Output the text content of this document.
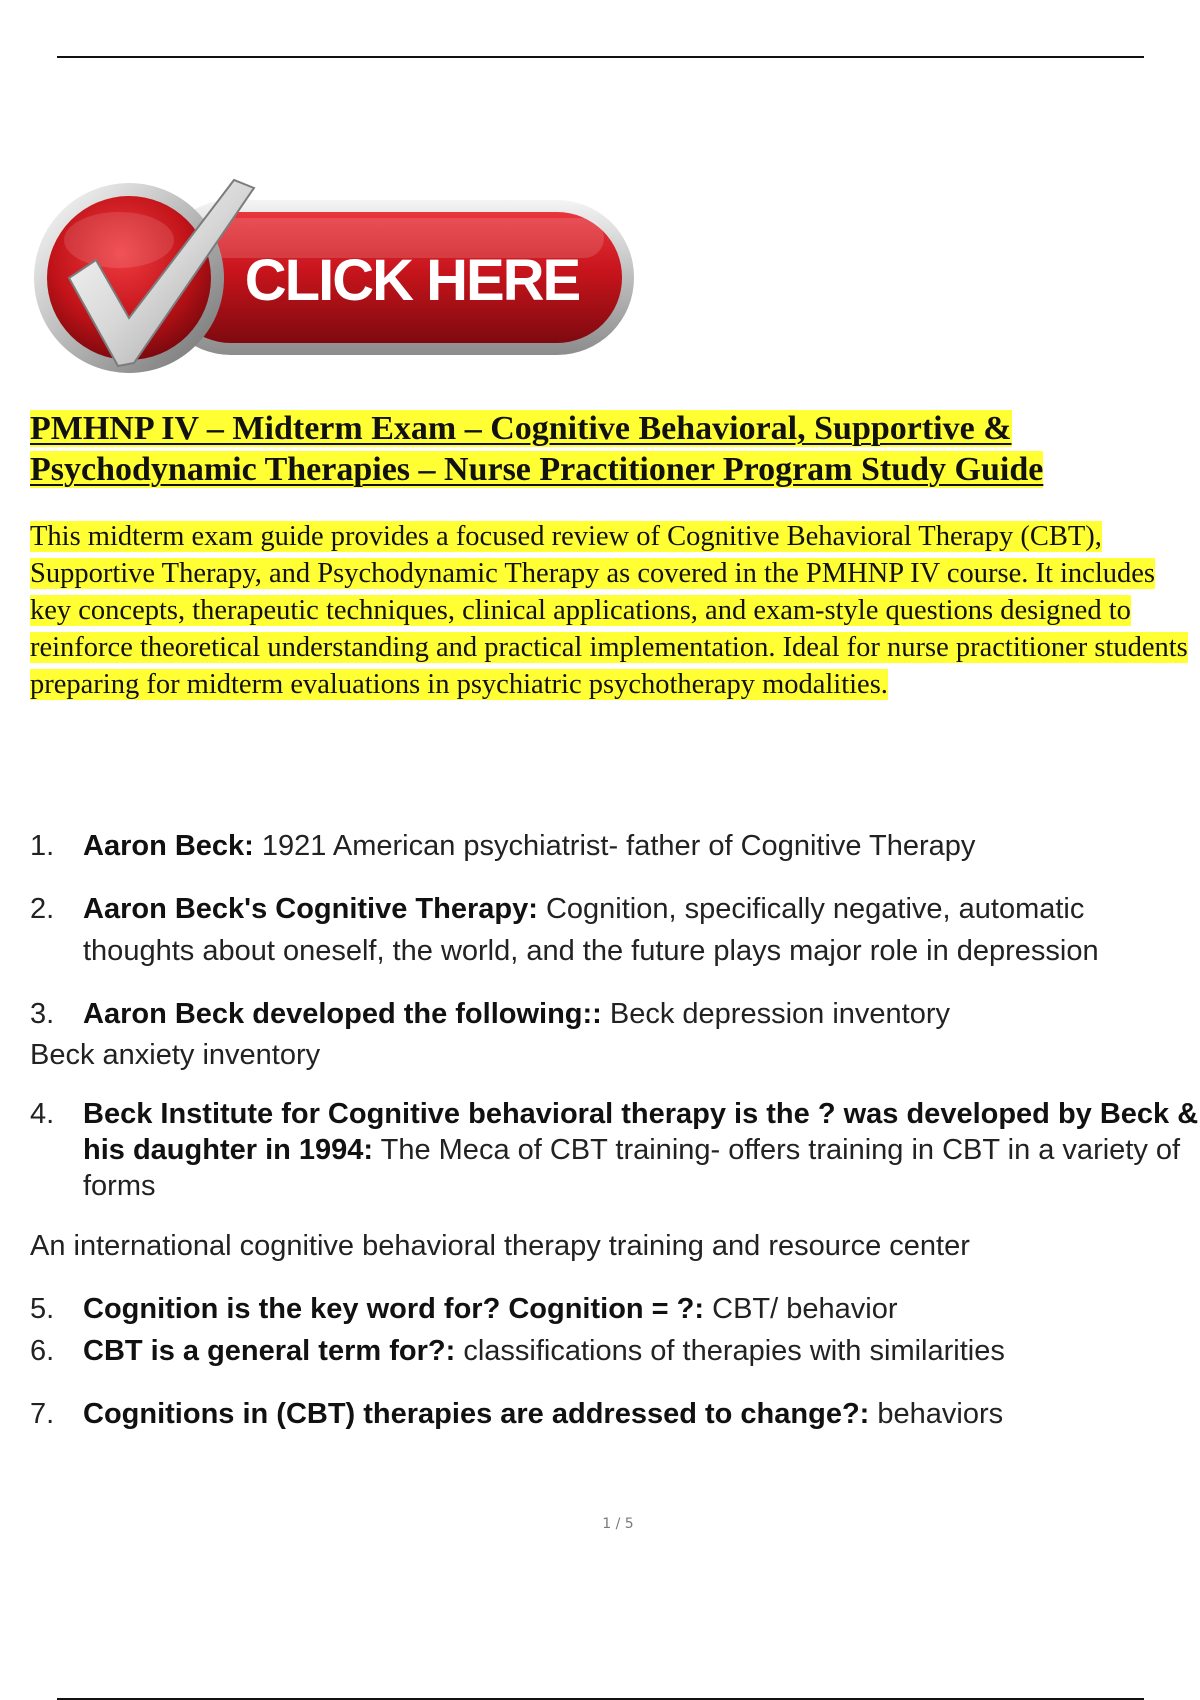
CLICK HERE
PMHNP IV – Midterm Exam – Cognitive Behavioral, Supportive &
Psychodynamic Therapies – Nurse Practitioner Program Study Guide

This midterm exam guide provides a focused review of Cognitive Behavioral Therapy (CBT), Supportive Therapy, and Psychodynamic Therapy as covered in the PMHNP IV course. It includes key concepts, therapeutic techniques, clinical applications, and exam-style questions designed to reinforce theoretical understanding and practical implementation. Ideal for nurse practitioner students preparing for midterm evaluations in psychiatric psychotherapy modalities.

1. Aaron Beck: 1921 American psychiatrist- father of Cognitive Therapy
2. Aaron Beck's Cognitive Therapy: Cognition, specifically negative, automatic thoughts about oneself, the world, and the future plays major role in depression
3. Aaron Beck developed the following:: Beck depression inventory
Beck anxiety inventory
4. Beck Institute for Cognitive behavioral therapy is the ? was developed by Beck & his daughter in 1994: The Meca of CBT training- offers training in CBT in a variety of forms
An international cognitive behavioral therapy training and resource center
5. Cognition is the key word for? Cognition = ?: CBT/ behavior
6. CBT is a general term for?: classifications of therapies with similarities
7. Cognitions in (CBT) therapies are addressed to change?: behaviors
1 / 5
